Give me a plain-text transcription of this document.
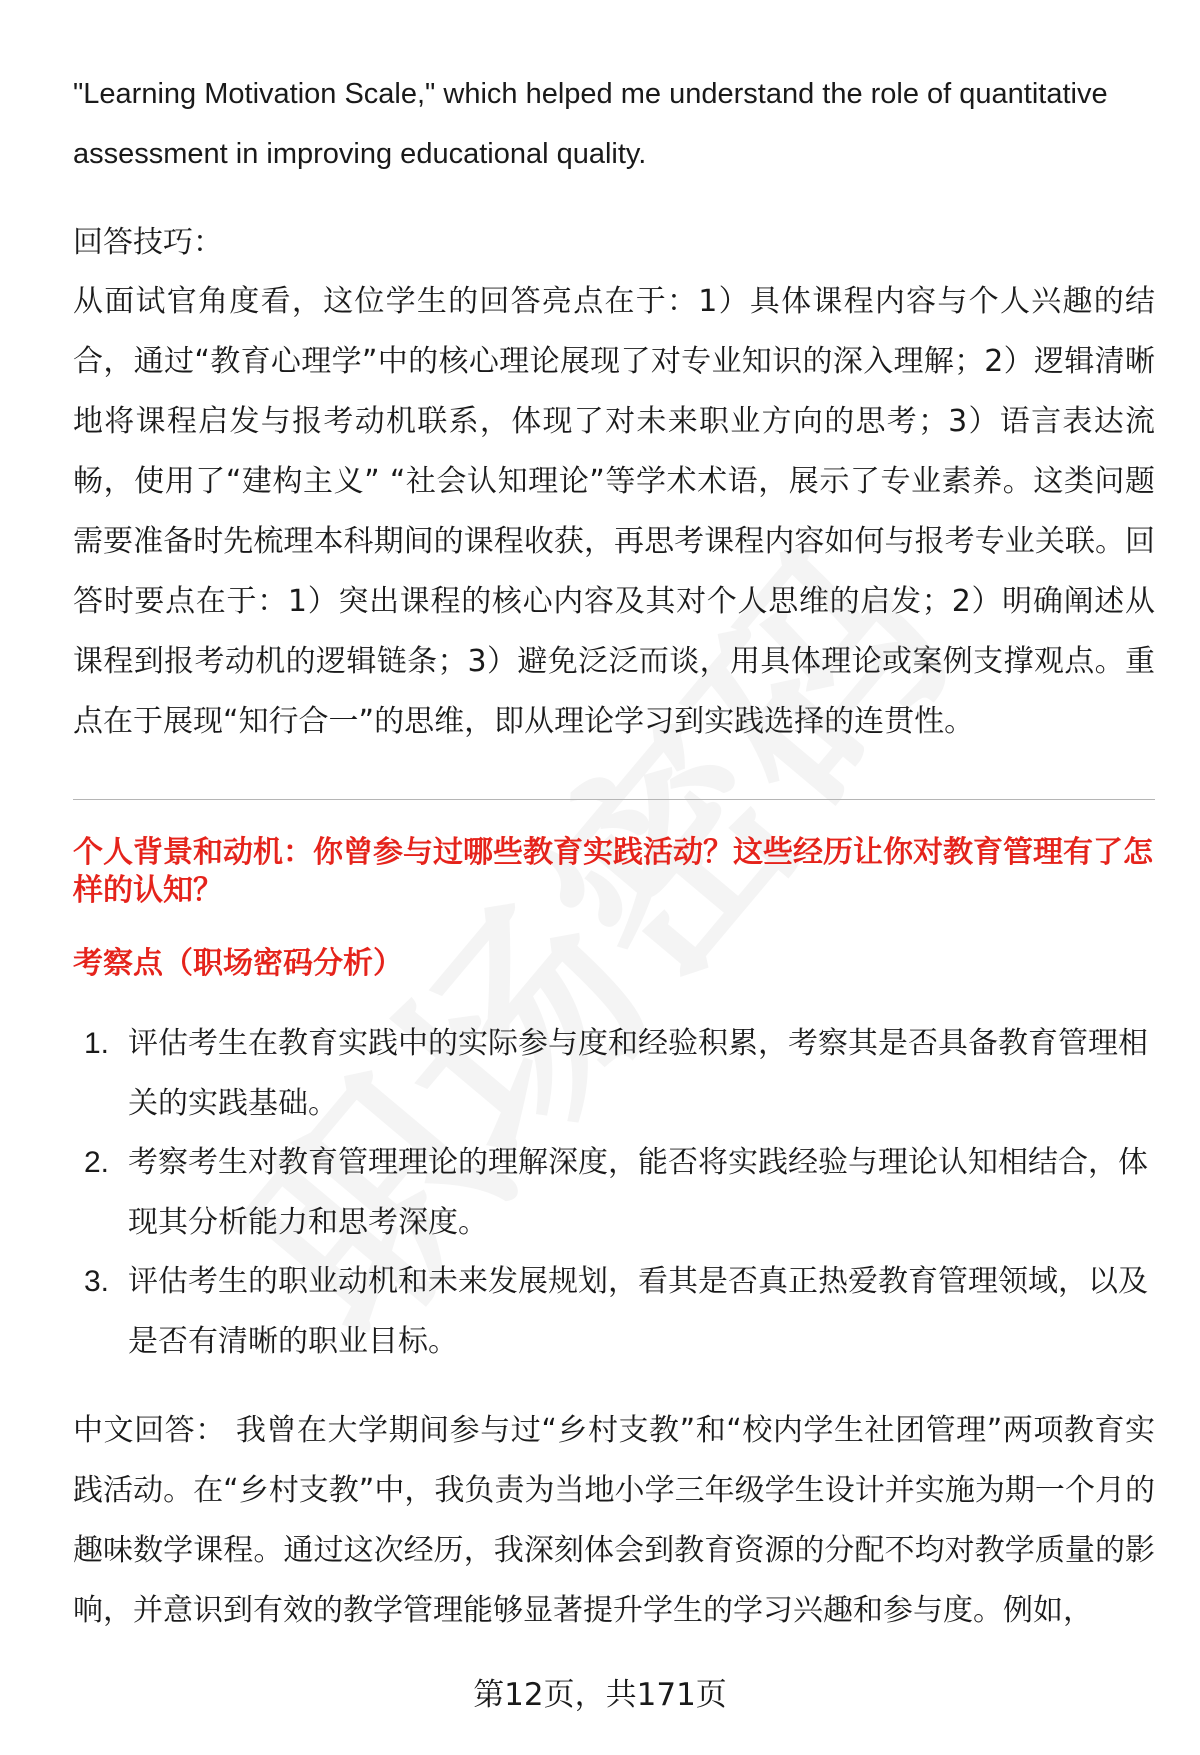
"Learning Motivation Scale," which helped me understand the role of quantitative assessment in improving educational quality.

回答技巧：

从面试官角度看，这位学生的回答亮点在于：1）具体课程内容与个人兴趣的结合，通过“教育心理学”中的核心理论展现了对专业知识的深入理解；2）逻辑清晰地将课程启发与报考动机联系，体现了对未来职业方向的思考；3）语言表达流畅，使用了“建构主义” “社会认知理论”等学术术语，展示了专业素养。这类问题需要准备时先梳理本科期间的课程收获，再思考课程内容如何与报考专业关联。回答时要点在于：1）突出课程的核心内容及其对个人思维的启发；2）明确阐述从课程到报考动机的逻辑链条；3）避免泛泛而谈，用具体理论或案例支撑观点。重点在于展现“知行合一”的思维，即从理论学习到实践选择的连贯性。

个人背景和动机：你曾参与过哪些教育实践活动？这些经历让你对教育管理有了怎样的认知？
考察点（职场密码分析）
1. 评估考生在教育实践中的实际参与度和经验积累，考察其是否具备教育管理相关的实践基础。
2. 考察考生对教育管理理论的理解深度，能否将实践经验与理论认知相结合，体现其分析能力和思考深度。
3. 评估考生的职业动机和未来发展规划，看其是否真正热爱教育管理领域，以及是否有清晰的职业目标。

中文回答： 我曾在大学期间参与过“乡村支教”和“校内学生社团管理”两项教育实践活动。在“乡村支教”中，我负责为当地小学三年级学生设计并实施为期一个月的趣味数学课程。通过这次经历，我深刻体会到教育资源的分配不均对教学质量的影响，并意识到有效的教学管理能够显著提升学生的学习兴趣和参与度。例如，

第12页，共171页
